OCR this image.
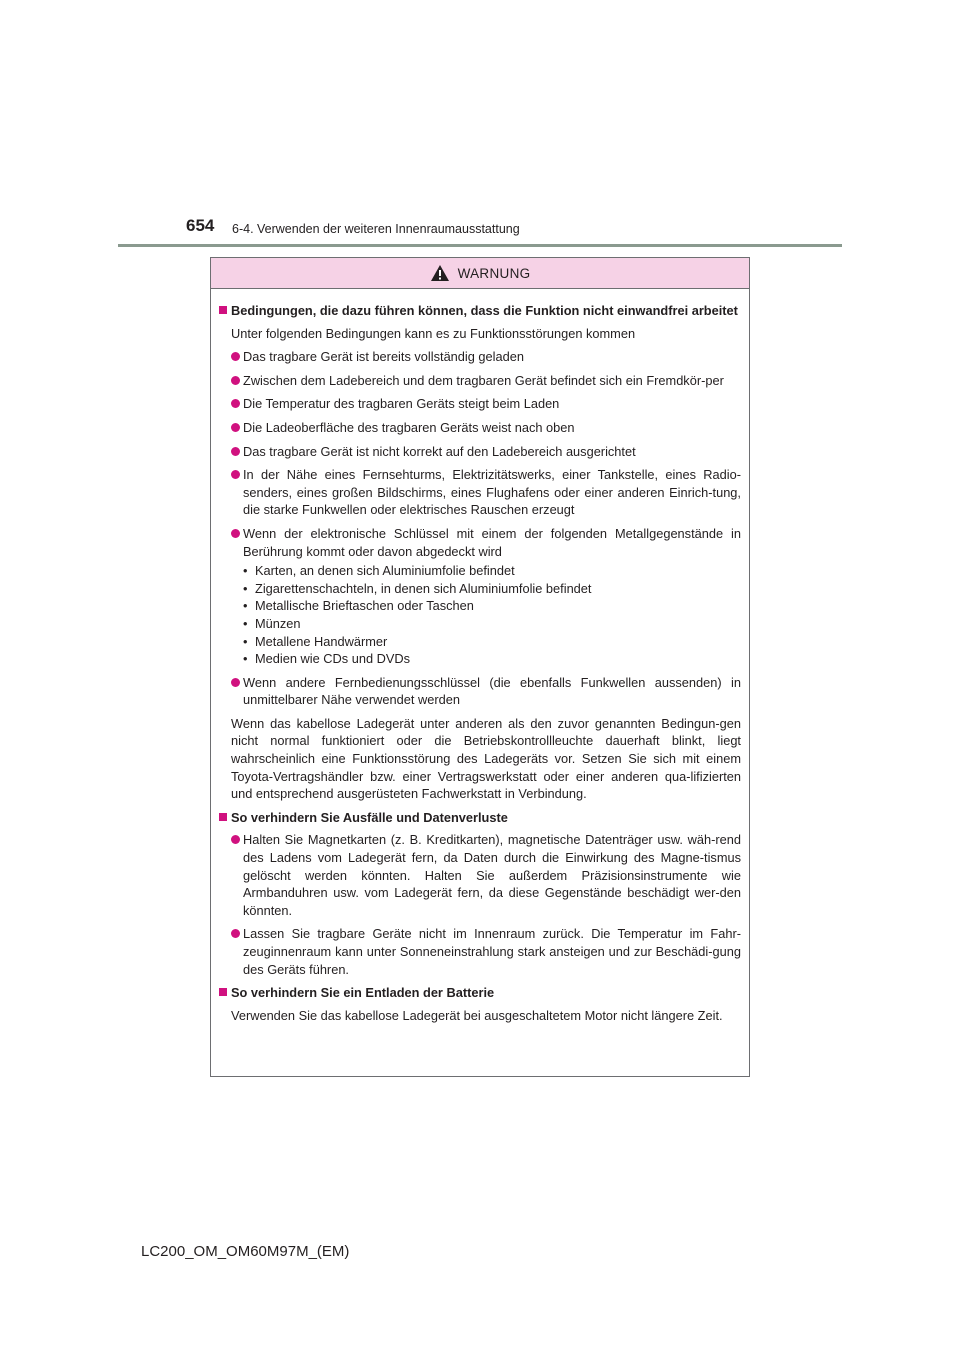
654 6-4. Verwenden der weiteren Innenraumausstattung
WARNUNG
Bedingungen, die dazu führen können, dass die Funktion nicht einwandfrei arbeitet
Unter folgenden Bedingungen kann es zu Funktionsstörungen kommen
Das tragbare Gerät ist bereits vollständig geladen
Zwischen dem Ladebereich und dem tragbaren Gerät befindet sich ein Fremdkör-per
Die Temperatur des tragbaren Geräts steigt beim Laden
Die Ladeoberfläche des tragbaren Geräts weist nach oben
Das tragbare Gerät ist nicht korrekt auf den Ladebereich ausgerichtet
In der Nähe eines Fernsehturms, Elektrizitätswerks, einer Tankstelle, eines Radio-senders, eines großen Bildschirms, eines Flughafens oder einer anderen Einrich-tung, die starke Funkwellen oder elektrisches Rauschen erzeugt
Wenn der elektronische Schlüssel mit einem der folgenden Metallgegenstände in Berührung kommt oder davon abgedeckt wird
• Karten, an denen sich Aluminiumfolie befindet
• Zigarettenschachteln, in denen sich Aluminiumfolie befindet
• Metallische Brieftaschen oder Taschen
• Münzen
• Metallene Handwärmer
• Medien wie CDs und DVDs
Wenn andere Fernbedienungsschlüssel (die ebenfalls Funkwellen aussenden) in unmittelbarer Nähe verwendet werden
Wenn das kabellose Ladegerät unter anderen als den zuvor genannten Bedingun-gen nicht normal funktioniert oder die Betriebskontrollleuchte dauerhaft blinkt, liegt wahrscheinlich eine Funktionsstörung des Ladegeräts vor. Setzen Sie sich mit einem Toyota-Vertragshändler bzw. einer Vertragswerkstatt oder einer anderen qua-lifizierten und entsprechend ausgerüsteten Fachwerkstatt in Verbindung.
So verhindern Sie Ausfälle und Datenverluste
Halten Sie Magnetkarten (z. B. Kreditkarten), magnetische Datenträger usw. wäh-rend des Ladens vom Ladegerät fern, da Daten durch die Einwirkung des Magne-tismus gelöscht werden könnten. Halten Sie außerdem Präzisionsinstrumente wie Armbanduhren usw. vom Ladegerät fern, da diese Gegenstände beschädigt wer-den könnten.
Lassen Sie tragbare Geräte nicht im Innenraum zurück. Die Temperatur im Fahr-zeuginnenraum kann unter Sonneneinstrahlung stark ansteigen und zur Beschädi-gung des Geräts führen.
So verhindern Sie ein Entladen der Batterie
Verwenden Sie das kabellose Ladegerät bei ausgeschaltetem Motor nicht längere Zeit.
LC200_OM_OM60M97M_(EM)
